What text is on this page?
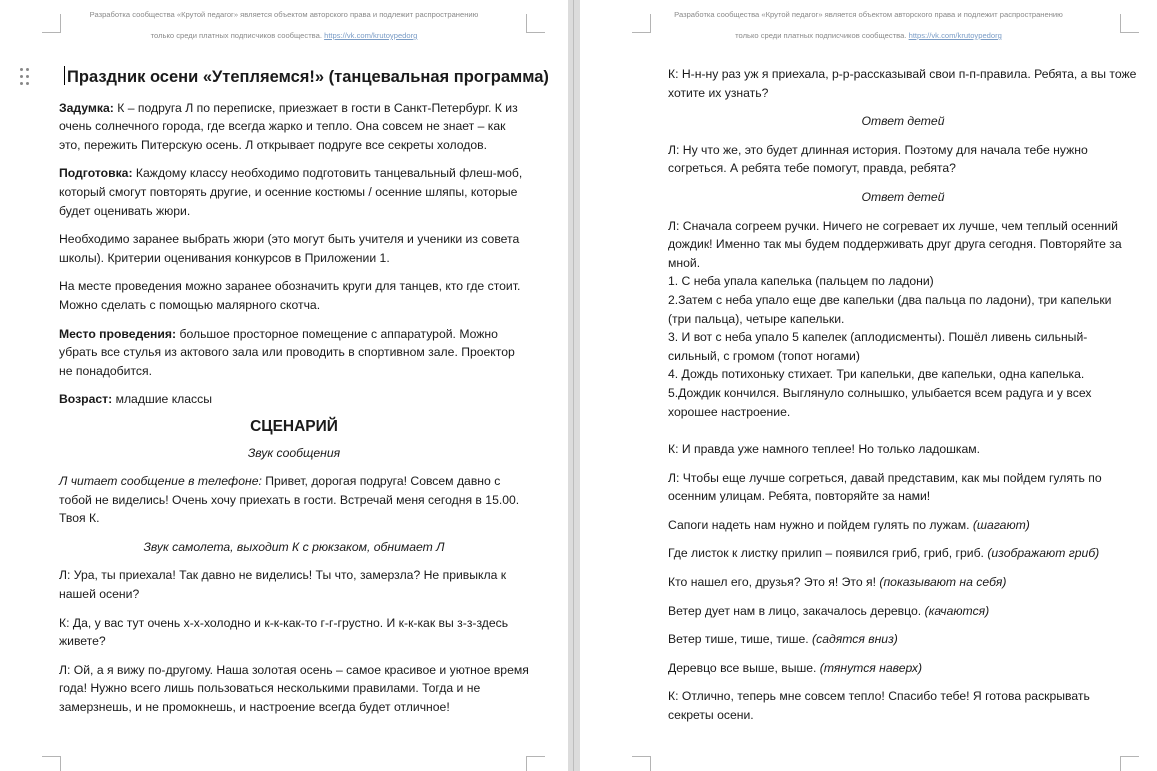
Разработка сообщества «Крутой педагог» является объектом авторского права и подлежит распространению
только среди платных подписчиков сообщества. https://vk.com/krutoypedorg

Праздник осени «Утепляемся!» (танцевальная программа)

Задумка: К – подруга Л по переписке, приезжает в гости в Санкт-Петербург. К из очень солнечного города, где всегда жарко и тепло. Она совсем не знает – как это, пережить Питерскую осень. Л открывает подруге все секреты холодов.

Подготовка: Каждому классу необходимо подготовить танцевальный флеш-моб, который смогут повторять другие, и осенние костюмы / осенние шляпы, которые будет оценивать жюри.

Необходимо заранее выбрать жюри (это могут быть учителя и ученики из совета школы). Критерии оценивания конкурсов в Приложении 1.

На месте проведения можно заранее обозначить круги для танцев, кто где стоит. Можно сделать с помощью малярного скотча.

Место проведения: большое просторное помещение с аппаратурой. Можно убрать все стулья из актового зала или проводить в спортивном зале. Проектор не понадобится.

Возраст: младшие классы

СЦЕНАРИЙ

Звук сообщения

Л читает сообщение в телефоне: Привет, дорогая подруга! Совсем давно с тобой не виделись! Очень хочу приехать в гости. Встречай меня сегодня в 15.00. Твоя К.

Звук самолета, выходит К с рюкзаком, обнимает Л

Л: Ура, ты приехала! Так давно не виделись! Ты что, замерзла? Не привыкла к нашей осени?

К: Да, у вас тут очень х-х-холодно и к-к-как-то г-г-грустно. И к-к-как вы з-з-здесь живете?

Л: Ой, а я вижу по-другому. Наша золотая осень – самое красивое и уютное время года! Нужно всего лишь пользоваться несколькими правилами. Тогда и не замерзнешь, и не промокнешь, и настроение всегда будет отличное!

Разработка сообщества «Крутой педагог» является объектом авторского права и подлежит распространению
только среди платных подписчиков сообщества. https://vk.com/krutoypedorg

К: Н-н-ну раз уж я приехала, р-р-рассказывай свои п-п-правила. Ребята, а вы тоже хотите их узнать?

Ответ детей

Л: Ну что же, это будет длинная история. Поэтому для начала тебе нужно согреться. А ребята тебе помогут, правда, ребята?

Ответ детей

Л: Сначала согреем ручки. Ничего не согревает их лучше, чем теплый осенний дождик! Именно так мы будем поддерживать друг друга сегодня. Повторяйте за мной.

1. С неба упала капелька (пальцем по ладони)

2.Затем с неба упало еще две капельки (два пальца по ладони), три капельки (три пальца), четыре капельки.

3. И вот с неба упало 5 капелек (аплодисменты). Пошёл ливень сильный-сильный, с громом (топот ногами)

4. Дождь потихоньку стихает. Три капельки, две капельки, одна капелька.

5.Дождик кончился. Выглянуло солнышко, улыбается всем радуга и у всех хорошее настроение.

К: И правда уже намного теплее! Но только ладошкам.

Л: Чтобы еще лучше согреться, давай представим, как мы пойдем гулять по осенним улицам. Ребята, повторяйте за нами!

Сапоги надеть нам нужно и пойдем гулять по лужам. (шагают)

Где листок к листку прилип – появился гриб, гриб, гриб. (изображают гриб)

Кто нашел его, друзья? Это я! Это я! (показывают на себя)

Ветер дует нам в лицо, закачалось деревцо. (качаются)

Ветер тише, тише, тише. (садятся вниз)

Деревцо все выше, выше. (тянутся наверх)

К: Отлично, теперь мне совсем тепло! Спасибо тебе! Я готова раскрывать секреты осени.
